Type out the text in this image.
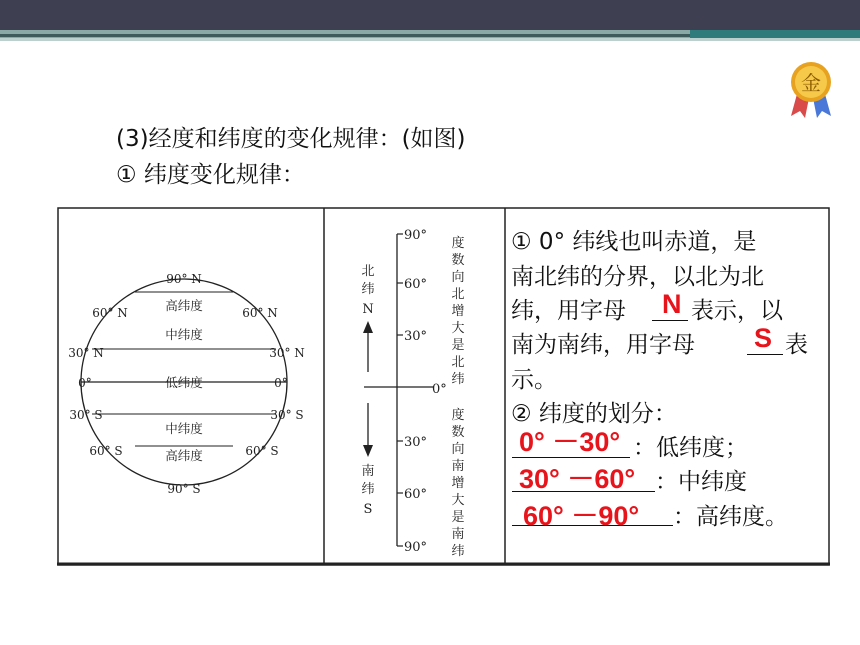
金
(3)经度和纬度的变化规律：(如图)
① 纬度变化规律：
高纬度
中纬度
低纬度
中纬度
高纬度
90° N
60° N	60° N
30° N	30° N
0°	0°
30° S	30° S
60° S	60° S
90° S
90°
60°
30°
0°
30°
60°
90°
北
纬
N
南
纬
S
度
数
向
北
增
大
是
北
纬
度
数
向
南
增
大
是
南
纬
① 0° 纬线也叫赤道，是
南北纬的分界，以北为北
纬，用字母 N 表示，以
南为南纬，用字母 S 表
示。
② 纬度的划分：
0° －30° ：低纬度；
30° －60° ：中纬度
60° －90° ：高纬度。
